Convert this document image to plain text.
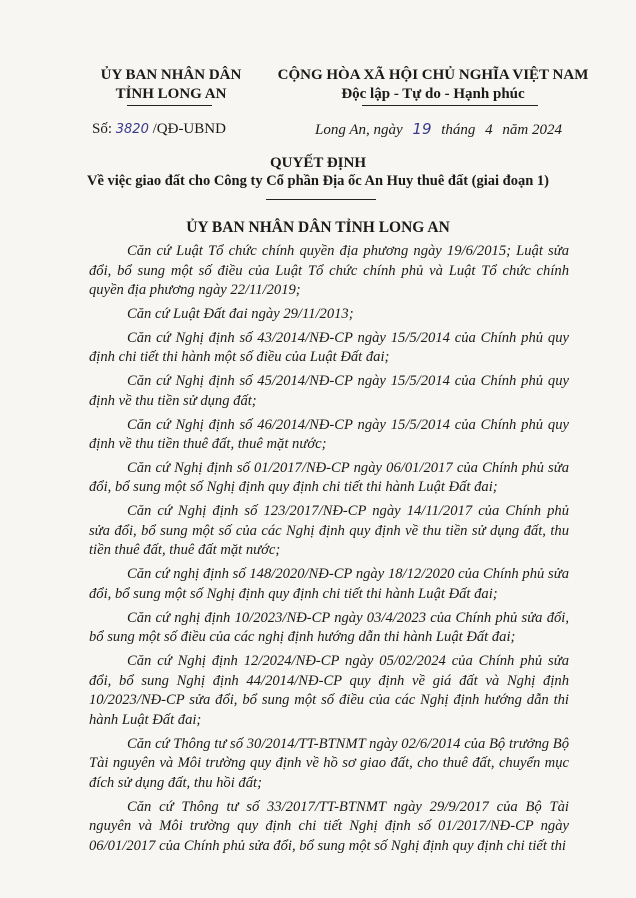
ỦY BAN NHÂN DÂN
TỈNH LONG AN
CỘNG HÒA XÃ HỘI CHỦ NGHĨA VIỆT NAM
Độc lập - Tự do - Hạnh phúc
Số: 3820 /QĐ-UBND	Long An, ngày 19 tháng 4 năm 2024
QUYẾT ĐỊNH
Về việc giao đất cho Công ty Cổ phần Địa ốc An Huy thuê đất (giai đoạn 1)
ỦY BAN NHÂN DÂN TỈNH LONG AN

Căn cứ Luật Tổ chức chính quyền địa phương ngày 19/6/2015; Luật sửa đổi, bổ sung một số điều của Luật Tổ chức chính phủ và Luật Tổ chức chính quyền địa phương ngày 22/11/2019;

Căn cứ Luật Đất đai ngày 29/11/2013;

Căn cứ Nghị định số 43/2014/NĐ-CP ngày 15/5/2014 của Chính phủ quy định chi tiết thi hành một số điều của Luật Đất đai;

Căn cứ Nghị định số 45/2014/NĐ-CP ngày 15/5/2014 của Chính phủ quy định về thu tiền sử dụng đất;

Căn cứ Nghị định số 46/2014/NĐ-CP ngày 15/5/2014 của Chính phủ quy định về thu tiền thuê đất, thuê mặt nước;

Căn cứ Nghị định số 01/2017/NĐ-CP ngày 06/01/2017 của Chính phủ sửa đổi, bổ sung một số Nghị định quy định chi tiết thi hành Luật Đất đai;

Căn cứ Nghị định số 123/2017/NĐ-CP ngày 14/11/2017 của Chính phủ sửa đổi, bổ sung một số của các Nghị định quy định về thu tiền sử dụng đất, thu tiền thuê đất, thuê đất mặt nước;

Căn cứ nghị định số 148/2020/NĐ-CP ngày 18/12/2020 của Chính phủ sửa đổi, bổ sung một số Nghị định quy định chi tiết thi hành Luật Đất đai;

Căn cứ nghị định 10/2023/NĐ-CP ngày 03/4/2023 của Chính phủ sửa đổi, bổ sung một số điều của các nghị định hướng dẫn thi hành Luật Đất đai;

Căn cứ Nghị định 12/2024/NĐ-CP ngày 05/02/2024 của Chính phủ sửa đổi, bổ sung Nghị định 44/2014/NĐ-CP quy định về giá đất và Nghị định 10/2023/NĐ-CP sửa đổi, bổ sung một số điều của các Nghị định hướng dẫn thi hành Luật Đất đai;

Căn cứ Thông tư số 30/2014/TT-BTNMT ngày 02/6/2014 của Bộ trưởng Bộ Tài nguyên và Môi trường quy định về hồ sơ giao đất, cho thuê đất, chuyển mục đích sử dụng đất, thu hồi đất;

Căn cứ Thông tư số 33/2017/TT-BTNMT ngày 29/9/2017 của Bộ Tài nguyên và Môi trường quy định chi tiết Nghị định số 01/2017/NĐ-CP ngày 06/01/2017 của Chính phủ sửa đổi, bổ sung một số Nghị định quy định chi tiết thi
